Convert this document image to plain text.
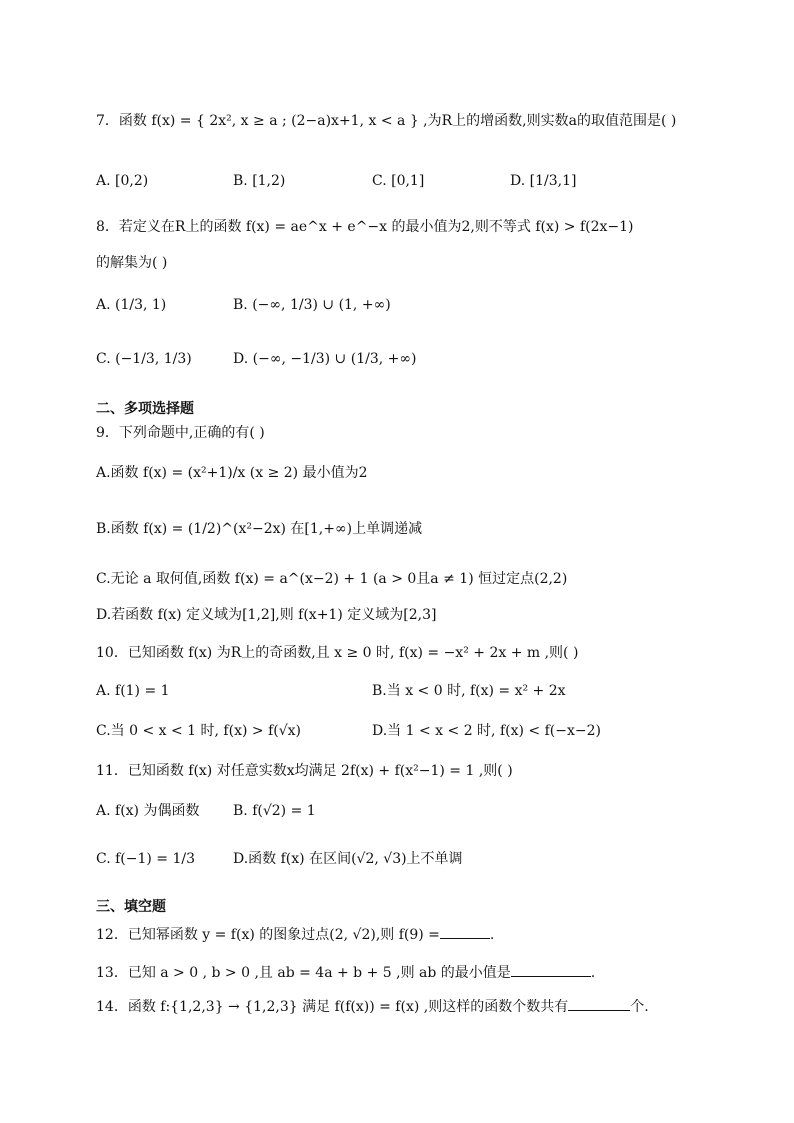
7．函数 f(x) = { 2x², x ≥ a ; (2−a)x+1, x < a } ,为R上的增函数,则实数a的取值范围是( )
A. [0,2)	B. [1,2)	C. [0,1]	D. [1/3,1]
8．若定义在R上的函数 f(x) = ae^x + e^−x 的最小值为2,则不等式 f(x) > f(2x−1)
的解集为( )
A. (1/3, 1)	B. (−∞, 1/3) ∪ (1, +∞)
C. (−1/3, 1/3)	D. (−∞, −1/3) ∪ (1/3, +∞)
二、多项选择题
9．下列命题中,正确的有( )
A.函数 f(x) = (x²+1)/x (x ≥ 2) 最小值为2
B.函数 f(x) = (1/2)^(x²−2x) 在[1,+∞)上单调递减
C.无论 a 取何值,函数 f(x) = a^(x−2) + 1 (a > 0且a ≠ 1) 恒过定点(2,2)
D.若函数 f(x) 定义域为[1,2],则 f(x+1) 定义域为[2,3]
10．已知函数 f(x) 为R上的奇函数,且 x ≥ 0 时, f(x) = −x² + 2x + m ,则( )
A. f(1) = 1	B.当 x < 0 时, f(x) = x² + 2x
C.当 0 < x < 1 时, f(x) > f(√x)	D.当 1 < x < 2 时, f(x) < f(−x−2)
11．已知函数 f(x) 对任意实数x均满足 2f(x) + f(x²−1) = 1 ,则( )
A. f(x) 为偶函数 B. f(√2) = 1
C. f(−1) = 1/3	D.函数 f(x) 在区间(√2, √3)上不单调
三、填空题
12．已知幂函数 y = f(x) 的图象过点(2, √2),则 f(9) =	.
13．已知 a > 0 , b > 0 ,且 ab = 4a + b + 5 ,则 ab 的最小值是	.
14．函数 f:{1,2,3} → {1,2,3} 满足 f(f(x)) = f(x) ,则这样的函数个数共有	个.
